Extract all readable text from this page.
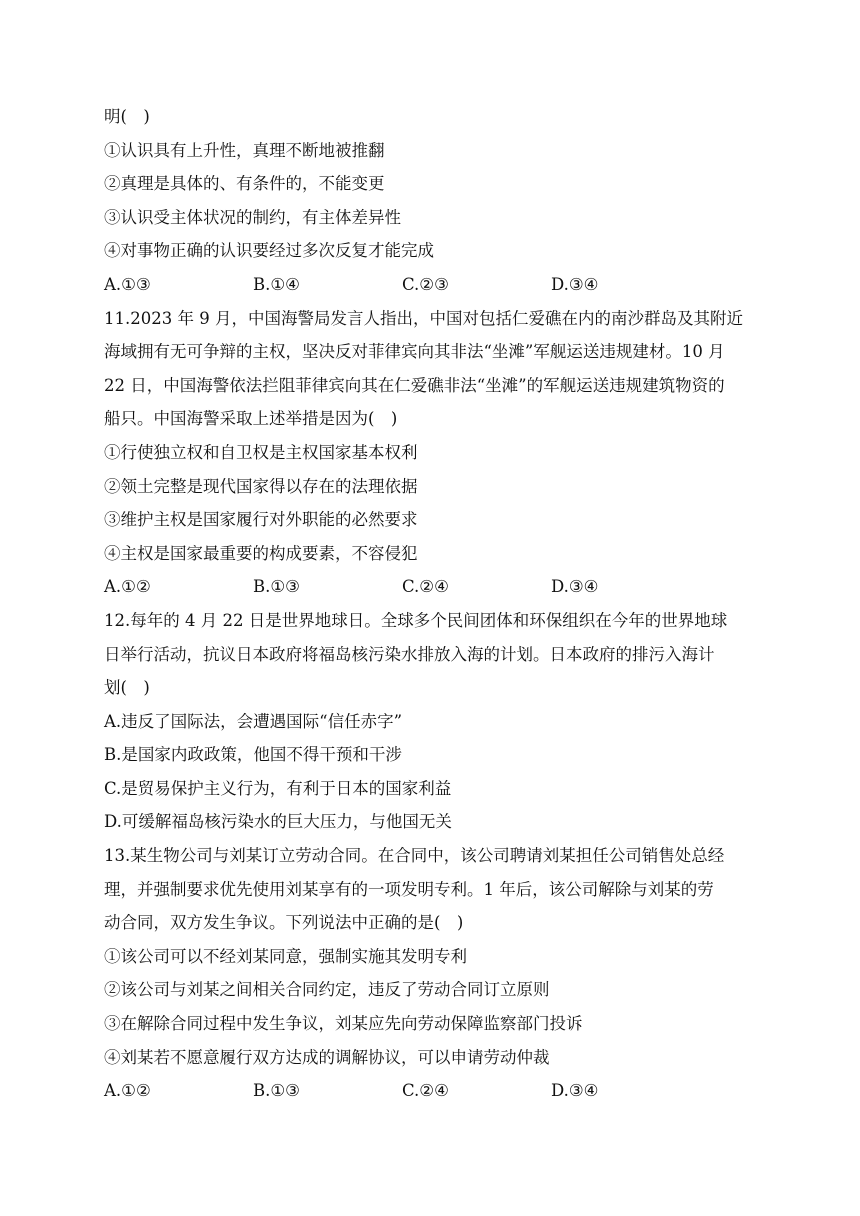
明(　)
①认识具有上升性，真理不断地被推翻
②真理是具体的、有条件的，不能变更
③认识受主体状况的制约，有主体差异性
④对事物正确的认识要经过多次反复才能完成
A.①③	B.①④	C.②③	D.③④
11.2023 年 9 月，中国海警局发言人指出，中国对包括仁爱礁在内的南沙群岛及其附近
海域拥有无可争辩的主权，坚决反对菲律宾向其非法“坐滩”军舰运送违规建材。10 月
22 日，中国海警依法拦阻菲律宾向其在仁爱礁非法“坐滩”的军舰运送违规建筑物资的
船只。中国海警采取上述举措是因为(　)
①行使独立权和自卫权是主权国家基本权利
②领土完整是现代国家得以存在的法理依据
③维护主权是国家履行对外职能的必然要求
④主权是国家最重要的构成要素，不容侵犯
A.①②	B.①③	C.②④	D.③④
12.每年的 4 月 22 日是世界地球日。全球多个民间团体和环保组织在今年的世界地球
日举行活动，抗议日本政府将福岛核污染水排放入海的计划。日本政府的排污入海计
划(　)
A.违反了国际法，会遭遇国际“信任赤字”
B.是国家内政政策，他国不得干预和干涉
C.是贸易保护主义行为，有利于日本的国家利益
D.可缓解福岛核污染水的巨大压力，与他国无关
13.某生物公司与刘某订立劳动合同。在合同中，该公司聘请刘某担任公司销售处总经
理，并强制要求优先使用刘某享有的一项发明专利。1 年后，该公司解除与刘某的劳
动合同，双方发生争议。下列说法中正确的是(　)
①该公司可以不经刘某同意，强制实施其发明专利
②该公司与刘某之间相关合同约定，违反了劳动合同订立原则
③在解除合同过程中发生争议，刘某应先向劳动保障监察部门投诉
④刘某若不愿意履行双方达成的调解协议，可以申请劳动仲裁
A.①②	B.①③	C.②④	D.③④
